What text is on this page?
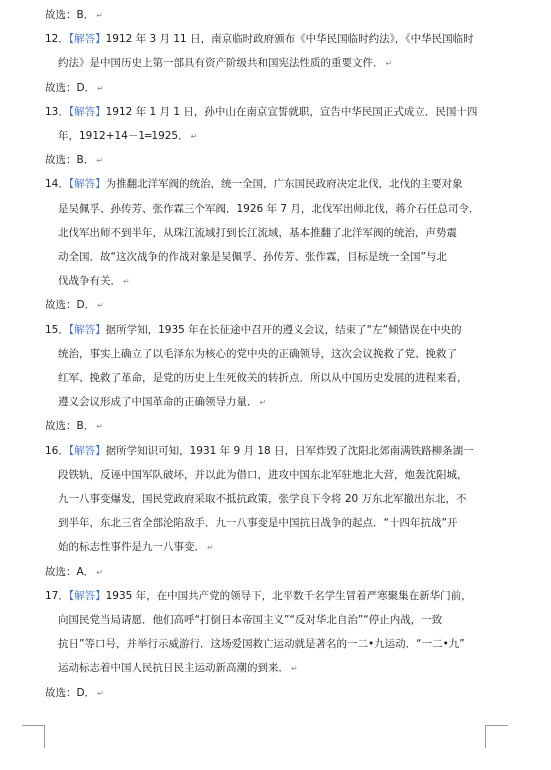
故选：B． ↵
12．【解答】1912 年 3 月 11 日，南京临时政府颁布《中华民国临时约法》，《中华民国临时
约法》是中国历史上第一部具有资产阶级共和国宪法性质的重要文件． ↵
故选：D． ↵
13．【解答】1912 年 1 月 1 日，孙中山在南京宣誓就职，宣告中华民国正式成立．民国十四
年，1912+14－1═1925． ↵
故选：B． ↵
14．【解答】为推翻北洋军阀的统治，统一全国，广东国民政府决定北伐，北伐的主要对象
是吴佩孚、孙传芳、张作霖三个军阀．1926 年 7 月，北伐军出师北伐，蒋介石任总司令．
北伐军出师不到半年，从珠江流域打到长江流域，基本推翻了北洋军阀的统治，声势震
动全国．故“这次战争的作战对象是吴佩孚、孙传芳、张作霖，目标是统一全国”与北
伐战争有关． ↵
故选：D． ↵
15．【解答】据所学知，1935 年在长征途中召开的遵义会议，结束了“左”倾错误在中央的
统治，事实上确立了以毛泽东为核心的党中央的正确领导，这次会议挽救了党、挽救了
红军、挽救了革命，是党的历史上生死攸关的转折点．所以从中国历史发展的进程来看，
遵义会议形成了中国革命的正确领导力量． ↵
故选：B． ↵
16．【解答】据所学知识可知，1931 年 9 月 18 日，日军炸毁了沈阳北郊南满铁路柳条湖一
段铁轨，反诬中国军队破坏，并以此为借口，进攻中国东北军驻地北大营，炮轰沈阳城，
九一八事变爆发，国民党政府采取不抵抗政策，张学良下令将 20 万东北军撤出东北，不
到半年，东北三省全部沦陷敌手．九一八事变是中国抗日战争的起点．“十四年抗战”开
始的标志性事件是九一八事变． ↵
故选：A． ↵
17．【解答】1935 年，在中国共产党的领导下，北平数千名学生冒着严寒聚集在新华门前，
向国民党当局请愿．他们高呼“打倒日本帝国主义”“反对华北自治”“停止内战，一致
抗日”等口号，并举行示威游行．这场爱国救亡运动就是著名的一二•九运动．“一二•九”
运动标志着中国人民抗日民主运动新高潮的到来． ↵
故选：D． ↵
